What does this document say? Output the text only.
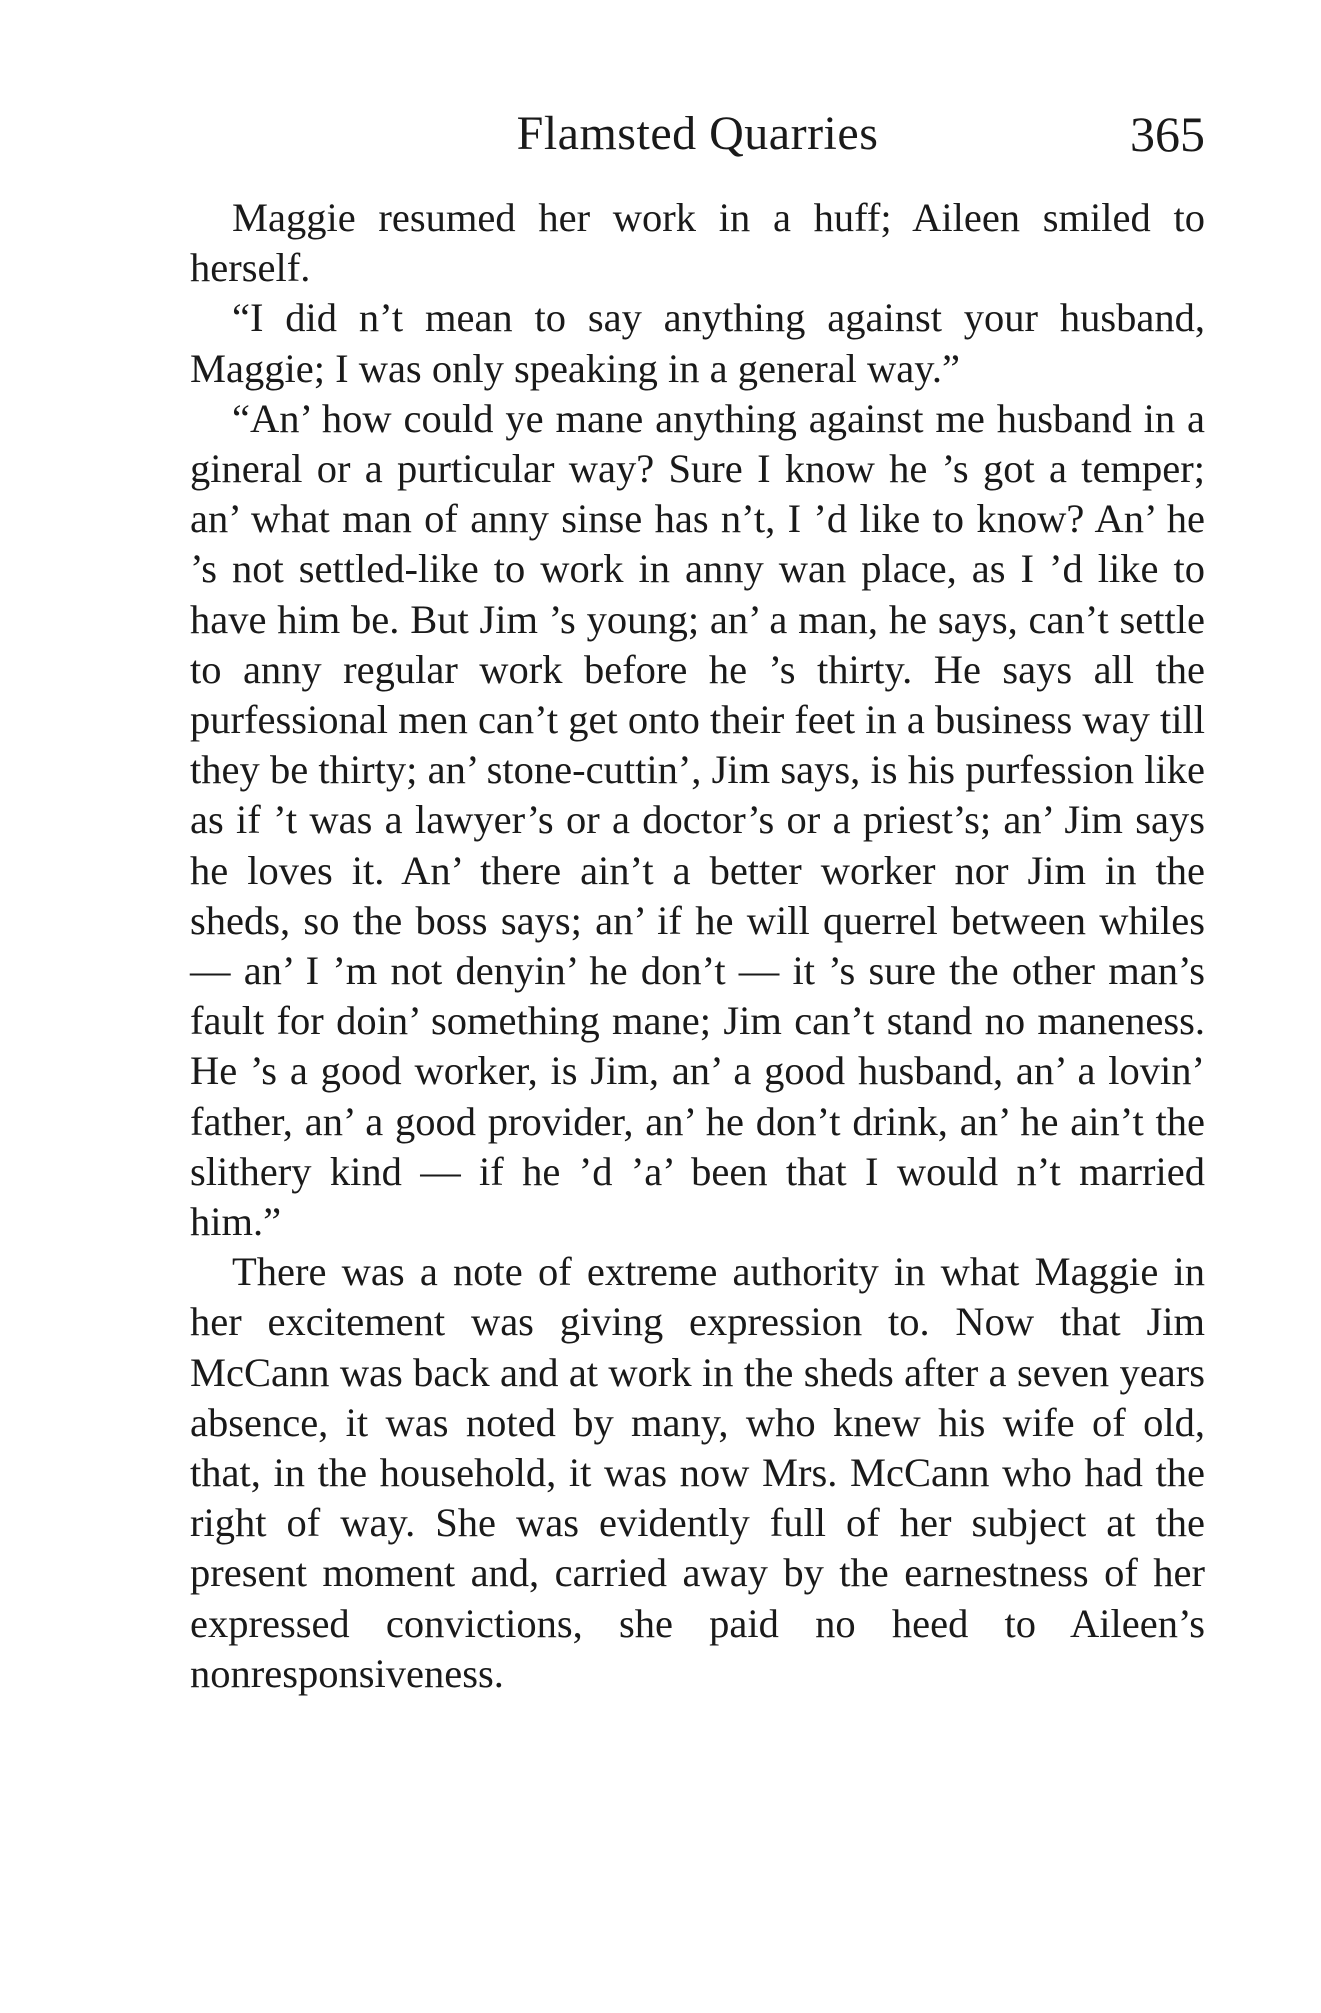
Flamsted Quarries	365

Maggie resumed her work in a huff; Aileen smiled to herself.

“I did n’t mean to say anything against your husband, Maggie; I was only speaking in a general way.”

“An’ how could ye mane anything against me husband in a gineral or a purticular way? Sure I know he ’s got a temper; an’ what man of anny sinse has n’t, I ’d like to know? An’ he ’s not settled-like to work in anny wan place, as I ’d like to have him be. But Jim ’s young; an’ a man, he says, can’t settle to anny regular work before he ’s thirty. He says all the purfessional men can’t get onto their feet in a business way till they be thirty; an’ stone-cuttin’, Jim says, is his purfession like as if ’t was a lawyer’s or a doctor’s or a priest’s; an’ Jim says he loves it. An’ there ain’t a better worker nor Jim in the sheds, so the boss says; an’ if he will querrel between whiles — an’ I ’m not denyin’ he don’t — it ’s sure the other man’s fault for doin’ something mane; Jim can’t stand no maneness. He ’s a good worker, is Jim, an’ a good husband, an’ a lovin’ father, an’ a good provider, an’ he don’t drink, an’ he ain’t the slithery kind — if he ’d ’a’ been that I would n’t married him.”

There was a note of extreme authority in what Maggie in her excitement was giving expression to. Now that Jim McCann was back and at work in the sheds after a seven years absence, it was noted by many, who knew his wife of old, that, in the household, it was now Mrs. McCann who had the right of way. She was evidently full of her subject at the present moment and, carried away by the earnestness of her expressed convictions, she paid no heed to Aileen’s nonresponsiveness.
